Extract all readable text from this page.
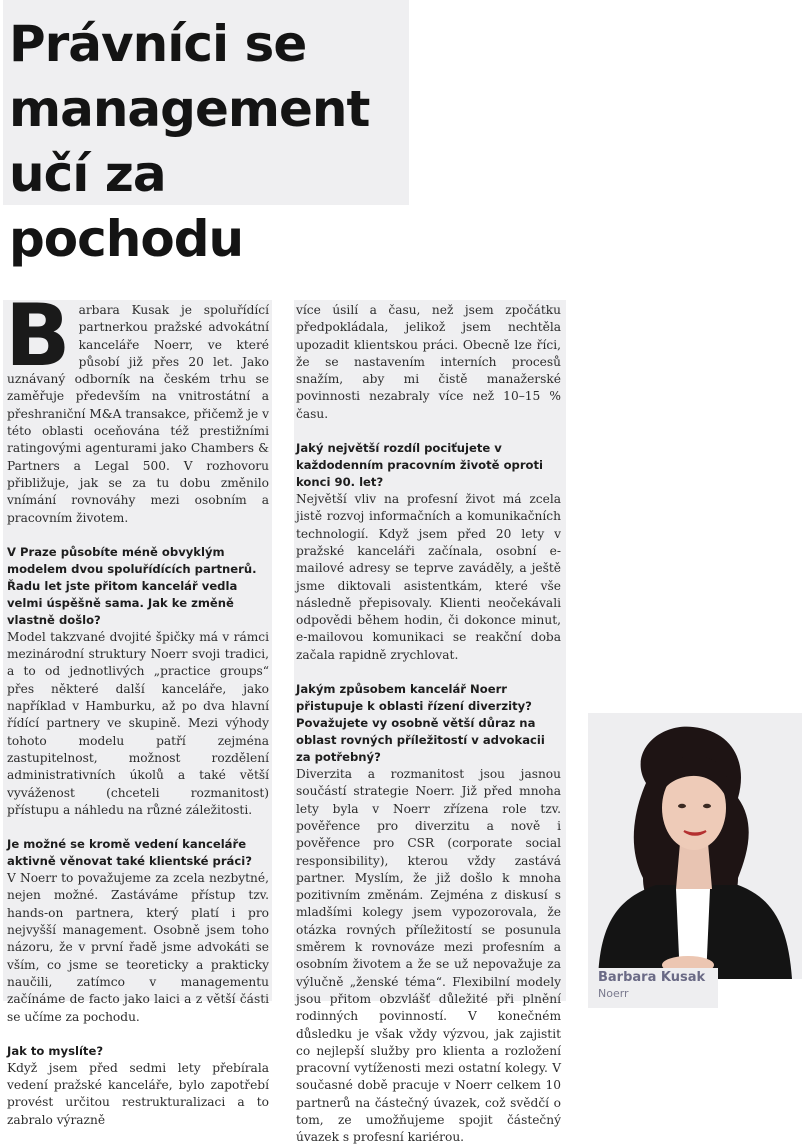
Právníci se
management
učí za pochodu

Barbara Kusak je spoluřídící partnerkou pražské advokátní kanceláře Noerr, ve které působí již přes 20 let. Jako uznávaný odborník na českém trhu se zaměřuje především na vnitrostátní a přeshraniční M&A transakce, přičemž je v této oblasti oceňována též prestižními ratingovými agenturami jako Chambers & Partners a Legal 500. V rozhovoru přibližuje, jak se za tu dobu změnilo vnímání rovnováhy mezi osobním a pracovním životem.

V Praze působíte méně obvyklým modelem dvou spoluřídících partnerů. Řadu let jste přitom kancelář vedla velmi úspěšně sama. Jak ke změně vlastně došlo?

Model takzvané dvojité špičky má v rámci mezinárodní struktury Noerr svoji tradici, a to od jednotlivých „practice groups“ přes některé další kanceláře, jako například v Hamburku, až po dva hlavní řídící partnery ve skupině. Mezi výhody tohoto modelu patří zejména zastupitelnost, možnost rozdělení administrativních úkolů a také větší vyváženost (chceteli rozmanitost) přístupu a náhledu na různé záležitosti.

Je možné se kromě vedení kanceláře aktivně věnovat také klientské práci?

V Noerr to považujeme za zcela nezbytné, nejen možné. Zastáváme přístup tzv. hands-on partnera, který platí i pro nejvyšší management. Osobně jsem toho názoru, že v první řadě jsme advokáti se vším, co jsme se teoreticky a prakticky naučili, zatímco v managementu začínáme de facto jako laici a z větší části se učíme za pochodu.

Jak to myslíte?

Když jsem před sedmi lety přebírala vedení pražské kanceláře, bylo zapotřebí provést určitou restrukturalizaci a to zabralo výrazně

více úsilí a času, než jsem zpočátku předpokládala, jelikož jsem nechtěla upozadit klientskou práci. Obecně lze říci, že se nastavením interních procesů snažím, aby mi čistě manažerské povinnosti nezabraly více než 10–15 % času.

Jaký největší rozdíl pociťujete v každodenním pracovním životě oproti konci 90. let?

Největší vliv na profesní život má zcela jistě rozvoj informačních a komunikačních technologií. Když jsem před 20 lety v pražské kanceláři začínala, osobní e-mailové adresy se teprve zaváděly, a ještě jsme diktovali asistentkám, které vše následně přepisovaly. Klienti neočekávali odpovědi během hodin, či dokonce minut, e-mailovou komunikaci se reakční doba začala rapidně zrychlovat.

Jakým způsobem kancelář Noerr přistupuje k oblasti řízení diverzity? Považujete vy osobně větší důraz na oblast rovných příležitostí v advokacii za potřebný?

Diverzita a rozmanitost jsou jasnou součástí strategie Noerr. Již před mnoha lety byla v Noerr zřízena role tzv. pověřence pro diverzitu a nově i pověřence pro CSR (corporate social responsibility), kterou vždy zastává partner. Myslím, že již došlo k mnoha pozitivním změnám. Zejména z diskusí s mladšími kolegy jsem vypozorovala, že otázka rovných příležitostí se posunula směrem k rovnováze mezi profesním a osobním životem a že se už nepovažuje za výlučně „ženské téma“. Flexibilní modely jsou přitom obzvlášť důležité při plnění rodinných povinností. V konečném důsledku je však vždy výzvou, jak zajistit co nejlepší služby pro klienta a rozložení pracovní vytíženosti mezi ostatní kolegy. V současné době pracuje v Noerr celkem 10 partnerů na částečný úvazek, což svědčí o tom, ze umožňujeme spojit částečný úvazek s profesní kariérou.

Barbara Kusak
Noerr
